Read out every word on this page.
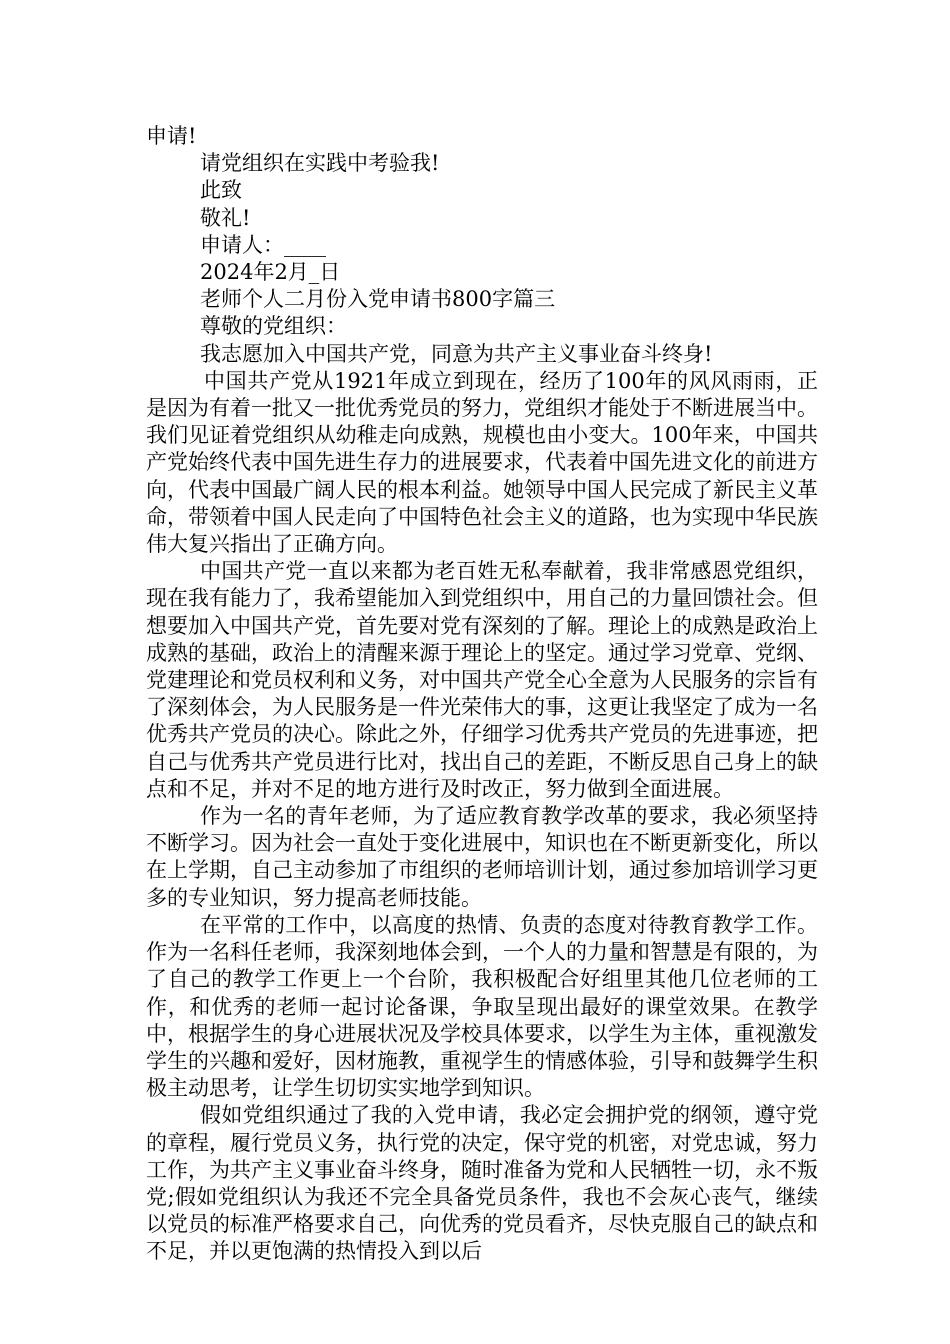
申请!
请党组织在实践中考验我!
此致
敬礼!
申请人：____
2024年2月_日
老师个人二月份入党申请书800字篇三
尊敬的党组织：
我志愿加入中国共产党，同意为共产主义事业奋斗终身!

中国共产党从1921年成立到现在，经历了100年的风风雨雨，正是因为有着一批又一批优秀党员的努力，党组织才能处于不断进展当中。我们见证着党组织从幼稚走向成熟，规模也由小变大。100年来，中国共产党始终代表中国先进生存力的进展要求，代表着中国先进文化的前进方向，代表中国最广阔人民的根本利益。她领导中国人民完成了新民主义革命，带领着中国人民走向了中国特色社会主义的道路，也为实现中华民族伟大复兴指出了正确方向。

中国共产党一直以来都为老百姓无私奉献着，我非常感恩党组织，现在我有能力了，我希望能加入到党组织中，用自己的力量回馈社会。但想要加入中国共产党，首先要对党有深刻的了解。理论上的成熟是政治上成熟的基础，政治上的清醒来源于理论上的坚定。通过学习党章、党纲、党建理论和党员权利和义务，对中国共产党全心全意为人民服务的宗旨有了深刻体会，为人民服务是一件光荣伟大的事，这更让我坚定了成为一名优秀共产党员的决心。除此之外，仔细学习优秀共产党员的先进事迹，把自己与优秀共产党员进行比对，找出自己的差距，不断反思自己身上的缺点和不足，并对不足的地方进行及时改正，努力做到全面进展。

作为一名的青年老师，为了适应教育教学改革的要求，我必须坚持不断学习。因为社会一直处于变化进展中，知识也在不断更新变化，所以在上学期，自己主动参加了市组织的老师培训计划，通过参加培训学习更多的专业知识，努力提高老师技能。

在平常的工作中，以高度的热情、负责的态度对待教育教学工作。作为一名科任老师，我深刻地体会到，一个人的力量和智慧是有限的，为了自己的教学工作更上一个台阶，我积极配合好组里其他几位老师的工作，和优秀的老师一起讨论备课，争取呈现出最好的课堂效果。在教学中，根据学生的身心进展状况及学校具体要求，以学生为主体，重视激发学生的兴趣和爱好，因材施教，重视学生的情感体验，引导和鼓舞学生积极主动思考，让学生切切实实地学到知识。

假如党组织通过了我的入党申请，我必定会拥护党的纲领，遵守党的章程，履行党员义务，执行党的决定，保守党的机密，对党忠诚，努力工作，为共产主义事业奋斗终身，随时准备为党和人民牺牲一切，永不叛党;假如党组织认为我还不完全具备党员条件，我也不会灰心丧气，继续以党员的标准严格要求自己，向优秀的党员看齐，尽快克服自己的缺点和不足，并以更饱满的热情投入到以后
